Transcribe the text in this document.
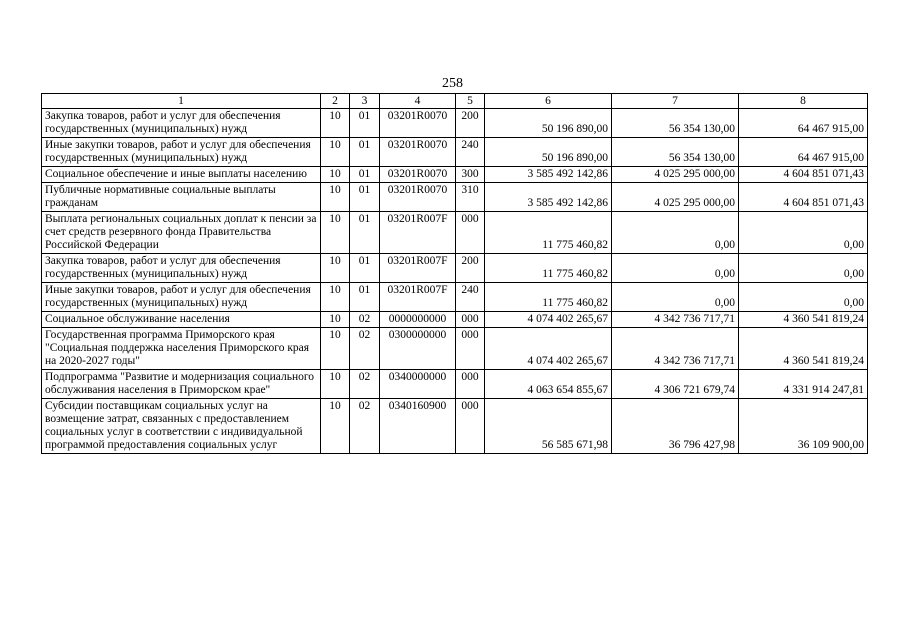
258
1	2	3	4	5	6	7	8
Закупка товаров, работ и услуг для обеспечения государственных (муниципальных) нужд	10	01	03201R0070	200	50 196 890,00	56 354 130,00	64 467 915,00
Иные закупки товаров, работ и услуг для обеспечения государственных (муниципальных) нужд	10	01	03201R0070	240	50 196 890,00	56 354 130,00	64 467 915,00
Социальное обеспечение и иные выплаты населению	10	01	03201R0070	300	3 585 492 142,86	4 025 295 000,00	4 604 851 071,43
Публичные нормативные социальные выплаты гражданам	10	01	03201R0070	310	3 585 492 142,86	4 025 295 000,00	4 604 851 071,43
Выплата региональных социальных доплат к пенсии за счет средств резервного фонда Правительства Российской Федерации	10	01	03201R007F	000	11 775 460,82	0,00	0,00
Закупка товаров, работ и услуг для обеспечения государственных (муниципальных) нужд	10	01	03201R007F	200	11 775 460,82	0,00	0,00
Иные закупки товаров, работ и услуг для обеспечения государственных (муниципальных) нужд	10	01	03201R007F	240	11 775 460,82	0,00	0,00
Социальное обслуживание населения	10	02	0000000000	000	4 074 402 265,67	4 342 736 717,71	4 360 541 819,24
Государственная программа Приморского края "Социальная поддержка населения Приморского края на 2020-2027 годы"	10	02	0300000000	000	4 074 402 265,67	4 342 736 717,71	4 360 541 819,24
Подпрограмма "Развитие и модернизация социального обслуживания населения в Приморском крае"	10	02	0340000000	000	4 063 654 855,67	4 306 721 679,74	4 331 914 247,81
Субсидии поставщикам социальных услуг на возмещение затрат, связанных с предоставлением социальных услуг в соответствии с индивидуальной программой предоставления социальных услуг	10	02	0340160900	000	56 585 671,98	36 796 427,98	36 109 900,00
